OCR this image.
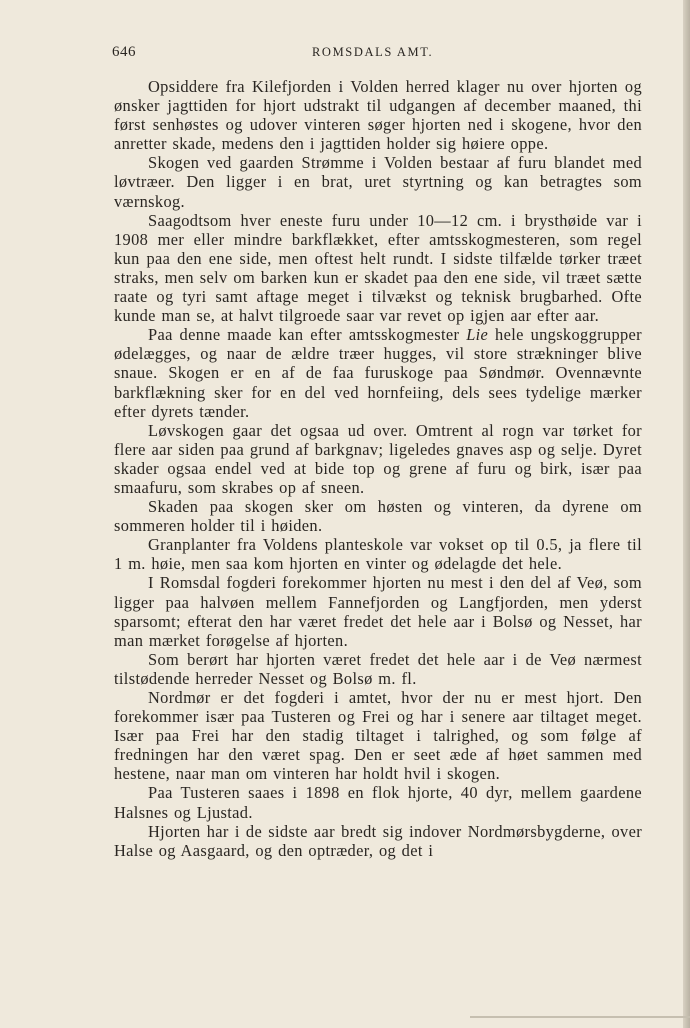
646	ROMSDALS AMT.

Opsiddere fra Kilefjorden i Volden herred klager nu over hjorten og ønsker jagttiden for hjort udstrakt til udgangen af december maaned, thi først senhøstes og udover vinteren søger hjorten ned i skogene, hvor den anretter skade, medens den i jagttiden holder sig høiere oppe.

Skogen ved gaarden Strømme i Volden bestaar af furu blandet med løvtræer. Den ligger i en brat, uret styrtning og kan betragtes som værnskog.

Saagodtsom hver eneste furu under 10—12 cm. i brysthøide var i 1908 mer eller mindre barkflækket, efter amtsskogmesteren, som regel kun paa den ene side, men oftest helt rundt. I sidste tilfælde tørker træet straks, men selv om barken kun er skadet paa den ene side, vil træet sætte raate og tyri samt aftage meget i tilvækst og teknisk brugbarhed. Ofte kunde man se, at halvt tilgroede saar var revet op igjen aar efter aar.

Paa denne maade kan efter amtsskogmester Lie hele ungskoggrupper ødelægges, og naar de ældre træer hugges, vil store strækninger blive snaue. Skogen er en af de faa furuskoge paa Søndmør. Ovennævnte barkflækning sker for en del ved hornfeiing, dels sees tydelige mærker efter dyrets tænder.

Løvskogen gaar det ogsaa ud over. Omtrent al rogn var tørket for flere aar siden paa grund af barkgnav; ligeledes gnaves asp og selje. Dyret skader ogsaa endel ved at bide top og grene af furu og birk, især paa smaafuru, som skrabes op af sneen.

Skaden paa skogen sker om høsten og vinteren, da dyrene om sommeren holder til i høiden.

Granplanter fra Voldens planteskole var vokset op til 0.5, ja flere til 1 m. høie, men saa kom hjorten en vinter og ødelagde det hele.

I Romsdal fogderi forekommer hjorten nu mest i den del af Veø, som ligger paa halvøen mellem Fannefjorden og Langfjorden, men yderst sparsomt; efterat den har været fredet det hele aar i Bolsø og Nesset, har man mærket forøgelse af hjorten.

Som berørt har hjorten været fredet det hele aar i de Veø nærmest tilstødende herreder Nesset og Bolsø m. fl.

Nordmør er det fogderi i amtet, hvor der nu er mest hjort. Den forekommer især paa Tusteren og Frei og har i senere aar tiltaget meget. Især paa Frei har den stadig tiltaget i talrighed, og som følge af fredningen har den været spag. Den er seet æde af høet sammen med hestene, naar man om vinteren har holdt hvil i skogen.

Paa Tusteren saaes i 1898 en flok hjorte, 40 dyr, mellem gaardene Halsnes og Ljustad.

Hjorten har i de sidste aar bredt sig indover Nordmørsbygderne, over Halse og Aasgaard, og den optræder, og det i
